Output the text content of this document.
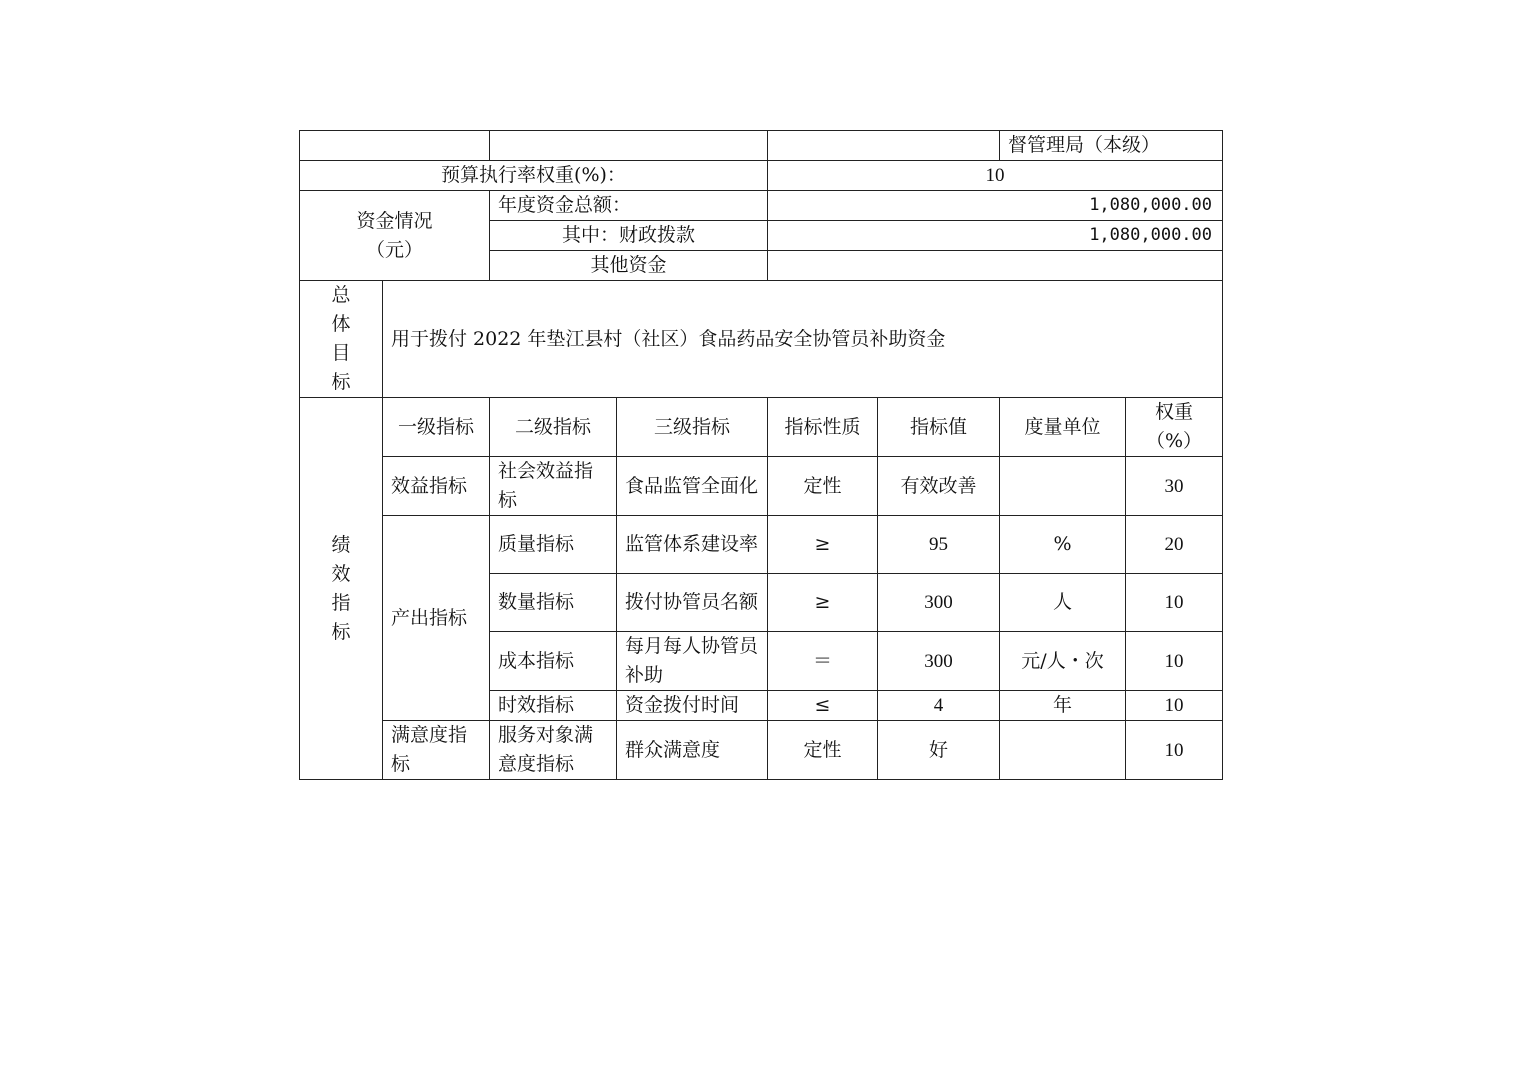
						督管理局（本级）	
预算执行率权重(%)：				10			

资金情况
（元）		年度资金总额：		1,080,000.00			
		其中：财政拨款		1,080,000.00			
		其他资金					

总
体
目
标	用于拨付 2022 年垫江县村（社区）食品药品安全协管员补助资金						

绩
效
指
标	一级指标	二级指标	三级指标	指标性质	指标值	度量单位	权重（%）
	效益指标	社会效益指标	食品监管全面化	定性	有效改善		30
	产出指标	质量指标	监管体系建设率	≥	95	%	20
		数量指标	拨付协管员名额	≥	300	人	10
		成本指标	每月每人协管员补助	＝	300	元/人・次	10
		时效指标	资金拨付时间	≤	4	年	10
	满意度指标	服务对象满意度指标	群众满意度	定性	好		10
